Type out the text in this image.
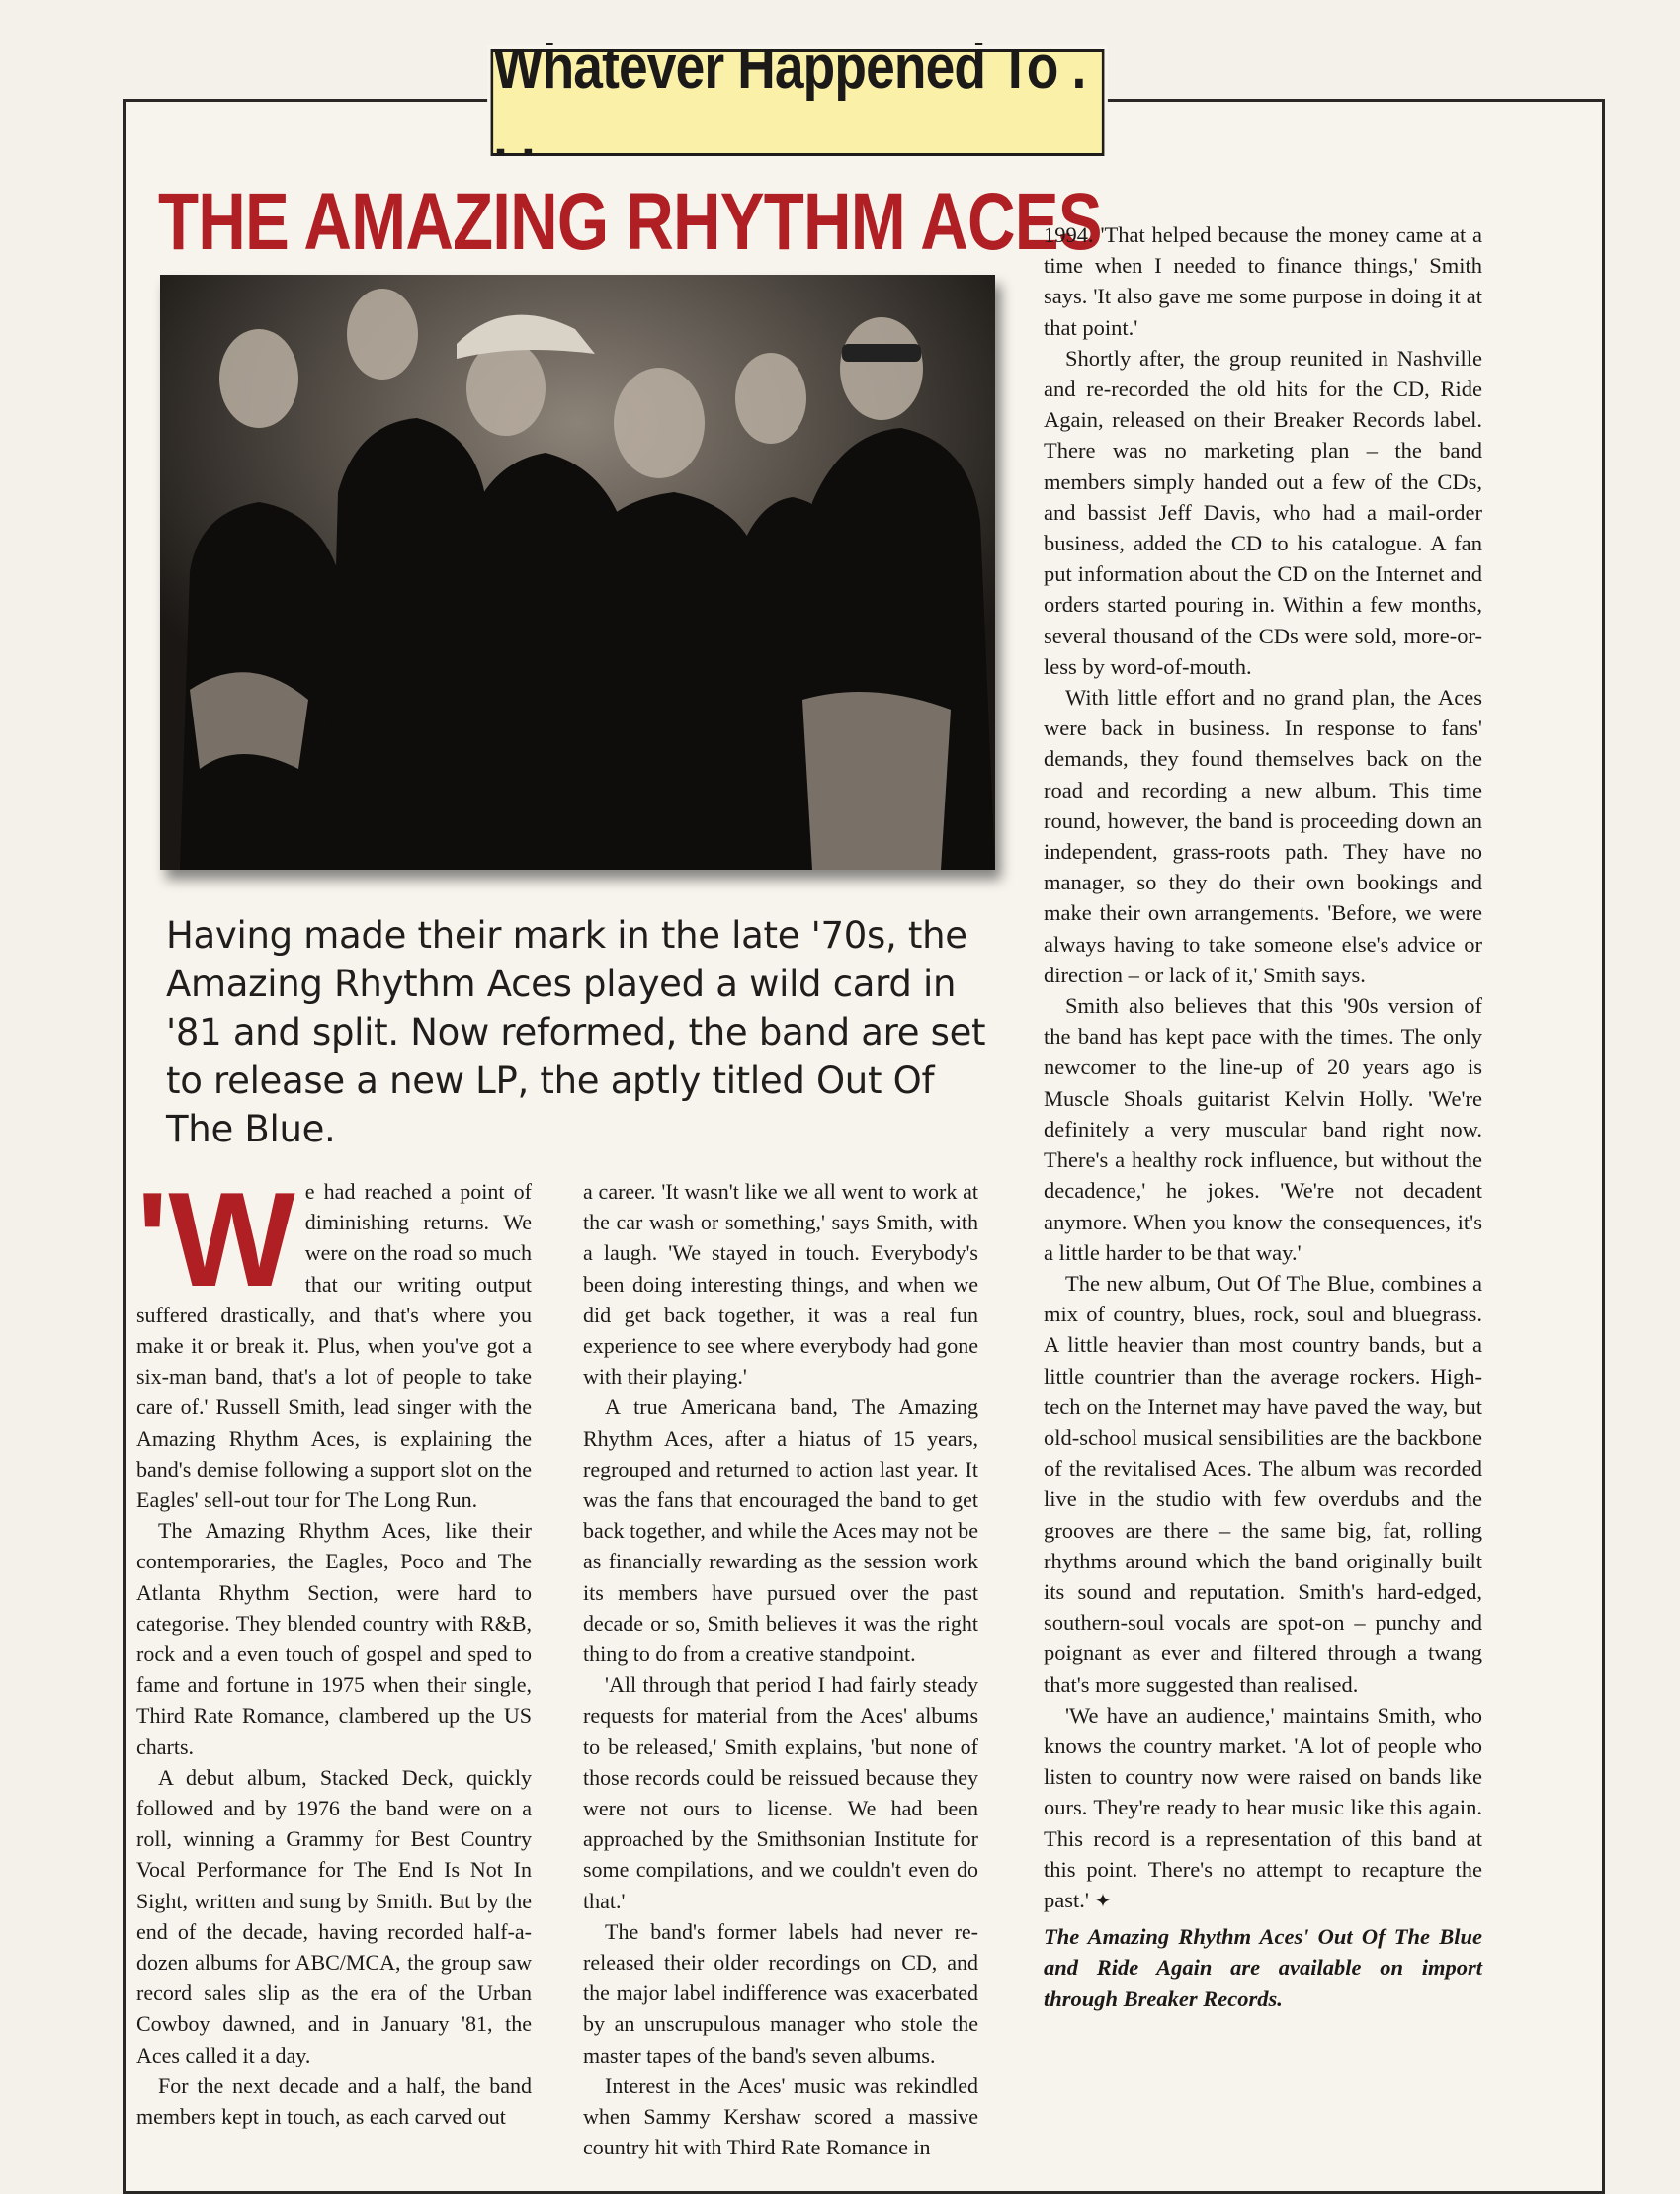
Whatever Happened To . . .
THE AMAZING RHYTHM ACES

Having made their mark in the late '70s, the Amazing Rhythm Aces played a wild card in '81 and split. Now reformed, the band are set to release a new LP, the aptly titled Out Of The Blue.

'W e had reached a point of diminishing returns. We were on the road so much that our writing output suffered drastically, and that's where you make it or break it. Plus, when you've got a six-man band, that's a lot of people to take care of.' Russell Smith, lead singer with the Amazing Rhythm Aces, is explaining the band's demise following a support slot on the Eagles' sell-out tour for The Long Run.

The Amazing Rhythm Aces, like their contemporaries, the Eagles, Poco and The Atlanta Rhythm Section, were hard to categorise. They blended country with R&B, rock and a even touch of gospel and sped to fame and fortune in 1975 when their single, Third Rate Romance, clambered up the US charts.

A debut album, Stacked Deck, quickly followed and by 1976 the band were on a roll, winning a Grammy for Best Country Vocal Performance for The End Is Not In Sight, written and sung by Smith. But by the end of the decade, having recorded half-a-dozen albums for ABC/MCA, the group saw record sales slip as the era of the Urban Cowboy dawned, and in January '81, the Aces called it a day.

For the next decade and a half, the band members kept in touch, as each carved out

a career. 'It wasn't like we all went to work at the car wash or something,' says Smith, with a laugh. 'We stayed in touch. Everybody's been doing interesting things, and when we did get back together, it was a real fun experience to see where everybody had gone with their playing.'

A true Americana band, The Amazing Rhythm Aces, after a hiatus of 15 years, regrouped and returned to action last year. It was the fans that encouraged the band to get back together, and while the Aces may not be as financially rewarding as the session work its members have pursued over the past decade or so, Smith believes it was the right thing to do from a creative standpoint.

'All through that period I had fairly steady requests for material from the Aces' albums to be released,' Smith explains, 'but none of those records could be reissued because they were not ours to license. We had been approached by the Smithsonian Institute for some compilations, and we couldn't even do that.'

The band's former labels had never re-released their older recordings on CD, and the major label indifference was exacerbated by an unscrupulous manager who stole the master tapes of the band's seven albums.

Interest in the Aces' music was rekindled when Sammy Kershaw scored a massive country hit with Third Rate Romance in

1994. 'That helped because the money came at a time when I needed to finance things,' Smith says. 'It also gave me some purpose in doing it at that point.'

Shortly after, the group reunited in Nashville and re-recorded the old hits for the CD, Ride Again, released on their Breaker Records label. There was no marketing plan – the band members simply handed out a few of the CDs, and bassist Jeff Davis, who had a mail-order business, added the CD to his catalogue. A fan put information about the CD on the Internet and orders started pouring in. Within a few months, several thousand of the CDs were sold, more-or-less by word-of-mouth.

With little effort and no grand plan, the Aces were back in business. In response to fans' demands, they found themselves back on the road and recording a new album. This time round, however, the band is proceeding down an independent, grass-roots path. They have no manager, so they do their own bookings and make their own arrangements. 'Before, we were always having to take someone else's advice or direction – or lack of it,' Smith says.

Smith also believes that this '90s version of the band has kept pace with the times. The only newcomer to the line-up of 20 years ago is Muscle Shoals guitarist Kelvin Holly. 'We're definitely a very muscular band right now. There's a healthy rock influence, but without the decadence,' he jokes. 'We're not decadent anymore. When you know the consequences, it's a little harder to be that way.'

The new album, Out Of The Blue, combines a mix of country, blues, rock, soul and bluegrass. A little heavier than most country bands, but a little countrier than the average rockers. High-tech on the Internet may have paved the way, but old-school musical sensibilities are the backbone of the revitalised Aces. The album was recorded live in the studio with few overdubs and the grooves are there – the same big, fat, rolling rhythms around which the band originally built its sound and reputation. Smith's hard-edged, southern-soul vocals are spot-on – punchy and poignant as ever and filtered through a twang that's more suggested than realised.

'We have an audience,' maintains Smith, who knows the country market. 'A lot of people who listen to country now were raised on bands like ours. They're ready to hear music like this again. This record is a representation of this band at this point. There's no attempt to recapture the past.' ✦

The Amazing Rhythm Aces' Out Of The Blue and Ride Again are available on import through Breaker Records.
